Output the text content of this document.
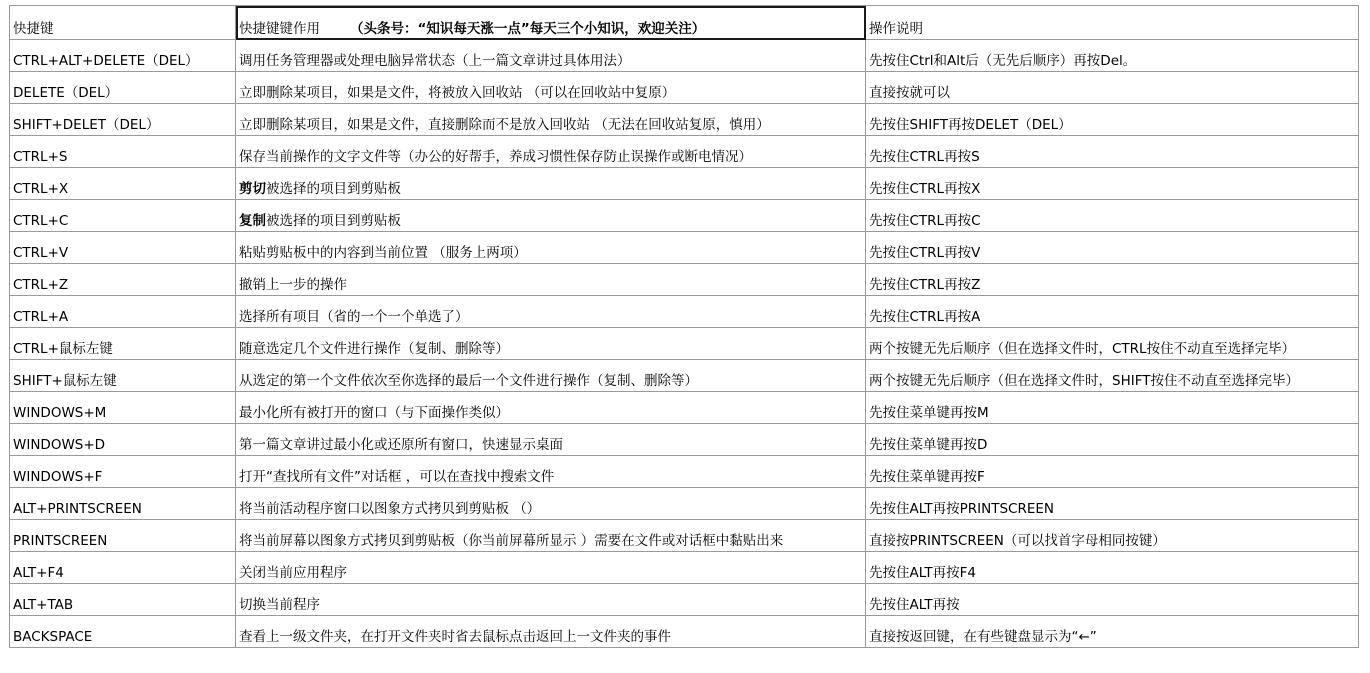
快捷键	快捷键键作用 （头条号：“知识每天涨一点”每天三个小知识，欢迎关注）	操作说明
CTRL+ALT+DELETE（DEL）	调用任务管理器或处理电脑异常状态（上一篇文章讲过具体用法）	先按住Ctrl和Alt后（无先后顺序）再按Del。
DELETE（DEL）	立即删除某项目，如果是文件，将被放入回收站 （可以在回收站中复原）	直接按就可以
SHIFT+DELET（DEL）	立即删除某项目，如果是文件，直接删除而不是放入回收站 （无法在回收站复原，慎用）	先按住SHIFT再按DELET（DEL）
CTRL+S	保存当前操作的文字文件等（办公的好帮手，养成习惯性保存防止误操作或断电情况）	先按住CTRL再按S
CTRL+X	剪切被选择的项目到剪贴板	先按住CTRL再按X
CTRL+C	复制被选择的项目到剪贴板	先按住CTRL再按C
CTRL+V	粘贴剪贴板中的内容到当前位置 （服务上两项）	先按住CTRL再按V
CTRL+Z	撤销上一步的操作	先按住CTRL再按Z
CTRL+A	选择所有项目（省的一个一个单选了）	先按住CTRL再按A
CTRL+鼠标左键	随意选定几个文件进行操作（复制、删除等）	两个按键无先后顺序（但在选择文件时，CTRL按住不动直至选择完毕）
SHIFT+鼠标左键	从选定的第一个文件依次至你选择的最后一个文件进行操作（复制、删除等）	两个按键无先后顺序（但在选择文件时，SHIFT按住不动直至选择完毕）
WINDOWS+M	最小化所有被打开的窗口（与下面操作类似）	先按住菜单键再按M
WINDOWS+D	第一篇文章讲过最小化或还原所有窗口，快速显示桌面	先按住菜单键再按D
WINDOWS+F	打开“查找所有文件”对话框 ，可以在查找中搜索文件	先按住菜单键再按F
ALT+PRINTSCREEN	将当前活动程序窗口以图象方式拷贝到剪贴板 （）	先按住ALT再按PRINTSCREEN
PRINTSCREEN	将当前屏幕以图象方式拷贝到剪贴板（你当前屏幕所显示 ）需要在文件或对话框中黏贴出来	直接按PRINTSCREEN（可以找首字母相同按键）
ALT+F4	关闭当前应用程序	先按住ALT再按F4
ALT+TAB	切换当前程序	先按住ALT再按
BACKSPACE	查看上一级文件夹，在打开文件夹时省去鼠标点击返回上一文件夹的事件	直接按返回键，在有些键盘显示为“←”
